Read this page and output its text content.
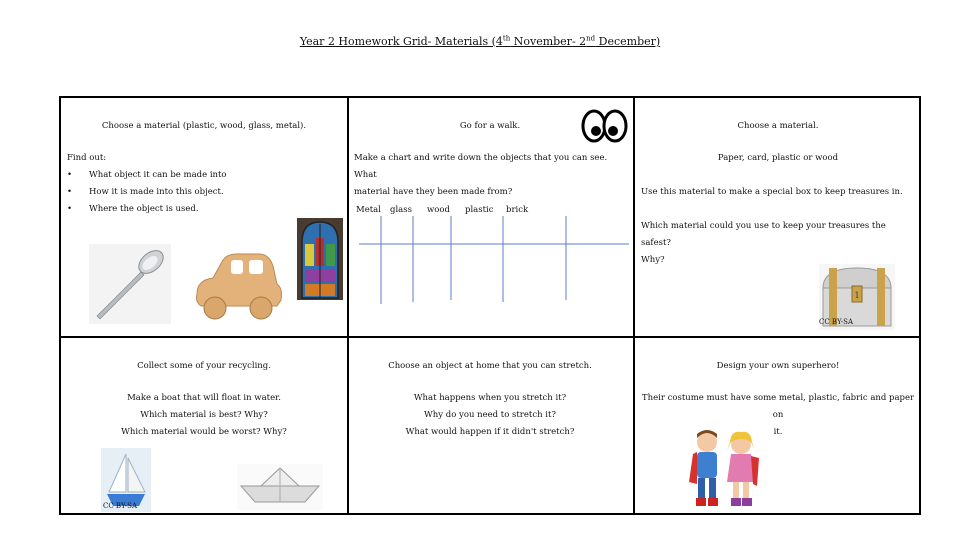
Year 2 Homework Grid- Materials (4th November- 2nd December)
Choose a material (plastic, wood, glass, metal).
Find out:
• What object it can be made into
• How it is made into this object.
• Where the object is used.
Go for a walk.
Make a chart and write down the objects that you can see. What
material have they been made from?
Metal glass wood plastic brick
Choose a material.
Paper, card, plastic or wood
Use this material to make a special box to keep treasures in.
Which material could you use to keep your treasures the safest?
Why?
1
CC BY-SA
Collect some of your recycling.
Make a boat that will float in water.
Which material is best? Why?
Which material would be worst? Why?
CC BY-SA
Choose an object at home that you can stretch.
What happens when you stretch it?
Why do you need to stretch it?
What would happen if it didn't stretch?
Design your own superhero!
Their costume must have some metal, plastic, fabric and paper on
it.
